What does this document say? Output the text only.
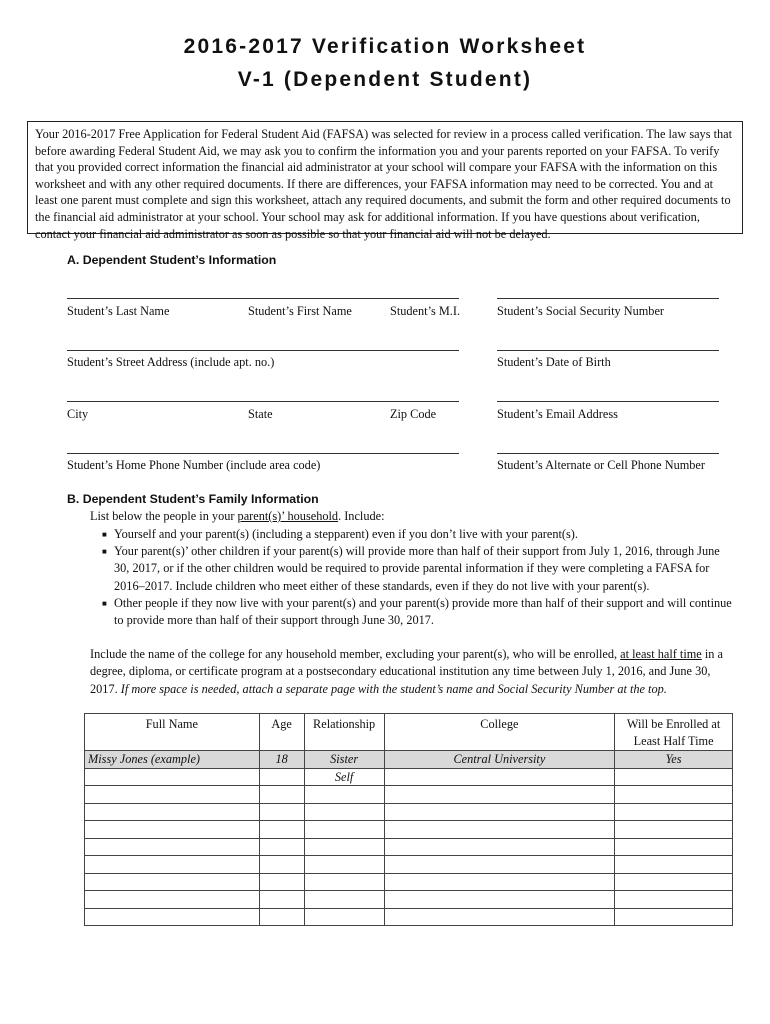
2016-2017 Verification Worksheet
V-1 (Dependent Student)
Your 2016-2017 Free Application for Federal Student Aid (FAFSA) was selected for review in a process called verification. The law says that before awarding Federal Student Aid, we may ask you to confirm the information you and your parents reported on your FAFSA. To verify that you provided correct information the financial aid administrator at your school will compare your FAFSA with the information on this worksheet and with any other required documents. If there are differences, your FAFSA information may need to be corrected. You and at least one parent must complete and sign this worksheet, attach any required documents, and submit the form and other required documents to the financial aid administrator at your school. Your school may ask for additional information. If you have questions about verification, contact your financial aid administrator as soon as possible so that your financial aid will not be delayed.
A. Dependent Student’s Information
Student’s Last Name	Student’s First Name	Student’s M.I.	Student’s Social Security Number
Student’s Street Address (include apt. no.)	Student’s Date of Birth
City	State	Zip Code	Student’s Email Address
Student’s Home Phone Number (include area code)	Student’s Alternate or Cell Phone Number
B. Dependent Student’s Family Information
List below the people in your parent(s)’ household. Include:
■ Yourself and your parent(s) (including a stepparent) even if you don’t live with your parent(s).
■ Your parent(s)’ other children if your parent(s) will provide more than half of their support from July 1, 2016, through June 30, 2017, or if the other children would be required to provide parental information if they were completing a FAFSA for 2016–2017. Include children who meet either of these standards, even if they do not live with your parent(s).
■ Other people if they now live with your parent(s) and your parent(s) provide more than half of their support and will continue to provide more than half of their support through June 30, 2017.
Include the name of the college for any household member, excluding your parent(s), who will be enrolled, at least half time in a degree, diploma, or certificate program at a postsecondary educational institution any time between July 1, 2016, and June 30, 2017. If more space is needed, attach a separate page with the student’s name and Social Security Number at the top.
Full Name	Age	Relationship	College	Will be Enrolled at Least Half Time
Missy Jones (example)	18	Sister	Central University	Yes
		Self		
